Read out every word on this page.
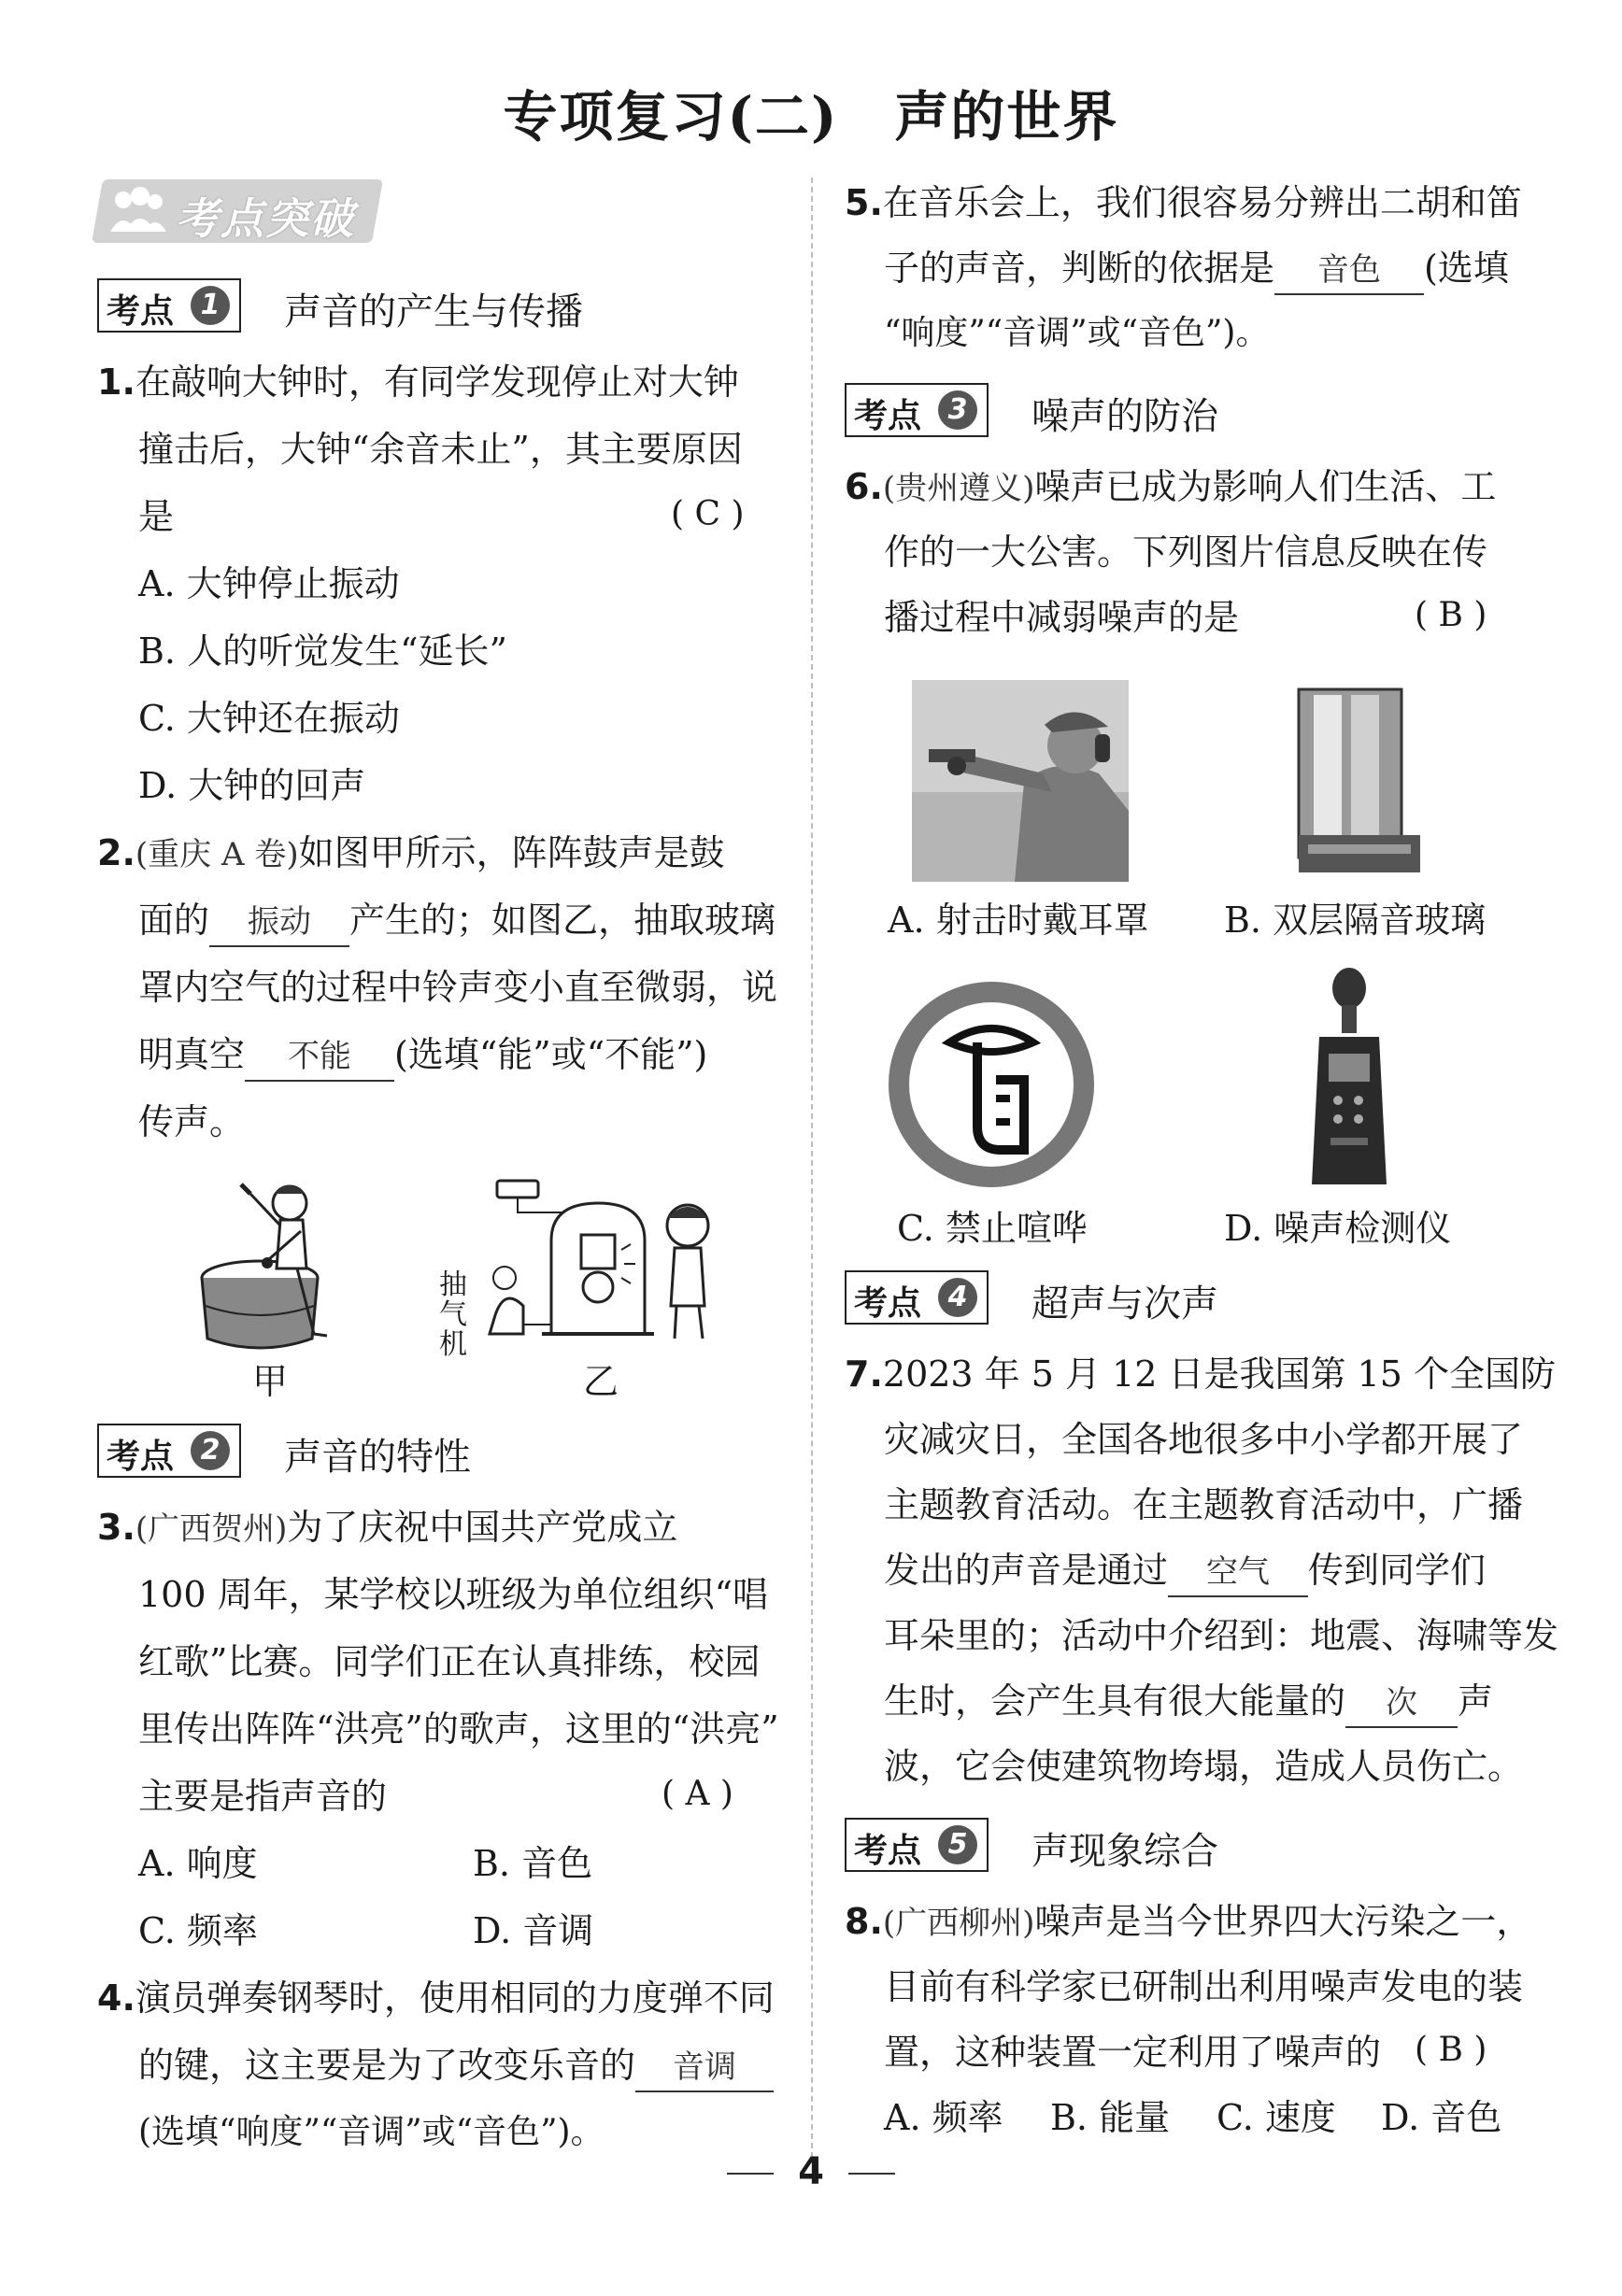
专项复习(二)　声的世界
考点突破
考点 1 声音的产生与传播
1.在敲响大钟时，有同学发现停止对大钟
撞击后，大钟“余音未止”，其主要原因
是	( C )
A. 大钟停止振动
B. 人的听觉发生“延长”
C. 大钟还在振动
D. 大钟的回声
2.(重庆 A 卷)如图甲所示，阵阵鼓声是鼓
面的 振动 产生的；如图乙，抽取玻璃
罩内空气的过程中铃声变小直至微弱，说
明真空 不能 (选填“能”或“不能”)
传声。
甲
抽
气
机
乙
考点 2 声音的特性
3.(广西贺州)为了庆祝中国共产党成立
100 周年，某学校以班级为单位组织“唱
红歌”比赛。同学们正在认真排练，校园
里传出阵阵“洪亮”的歌声，这里的“洪亮”
主要是指声音的	( A )
A. 响度	B. 音色
C. 频率	D. 音调
4.演员弹奏钢琴时，使用相同的力度弹不同
的键，这主要是为了改变乐音的 音调
(选填“响度”“音调”或“音色”)。
5.在音乐会上，我们很容易分辨出二胡和笛
子的声音，判断的依据是 音色 (选填
“响度”“音调”或“音色”)。
考点 3 噪声的防治
6.(贵州遵义)噪声已成为影响人们生活、工
作的一大公害。下列图片信息反映在传
播过程中减弱噪声的是	( B )
A. 射击时戴耳罩 B. 双层隔音玻璃
C. 禁止喧哗	D. 噪声检测仪
考点 4 超声与次声
7.2023 年 5 月 12 日是我国第 15 个全国防
灾减灾日，全国各地很多中小学都开展了
主题教育活动。在主题教育活动中，广播
发出的声音是通过 空气 传到同学们
耳朵里的；活动中介绍到：地震、海啸等发
生时，会产生具有很大能量的 次 声
波，它会使建筑物垮塌，造成人员伤亡。
考点 5 声现象综合
8.(广西柳州)噪声是当今世界四大污染之一，
目前有科学家已研制出利用噪声发电的装
置，这种装置一定利用了噪声的 ( B )
A. 频率 B. 能量 C. 速度 D. 音色
4
